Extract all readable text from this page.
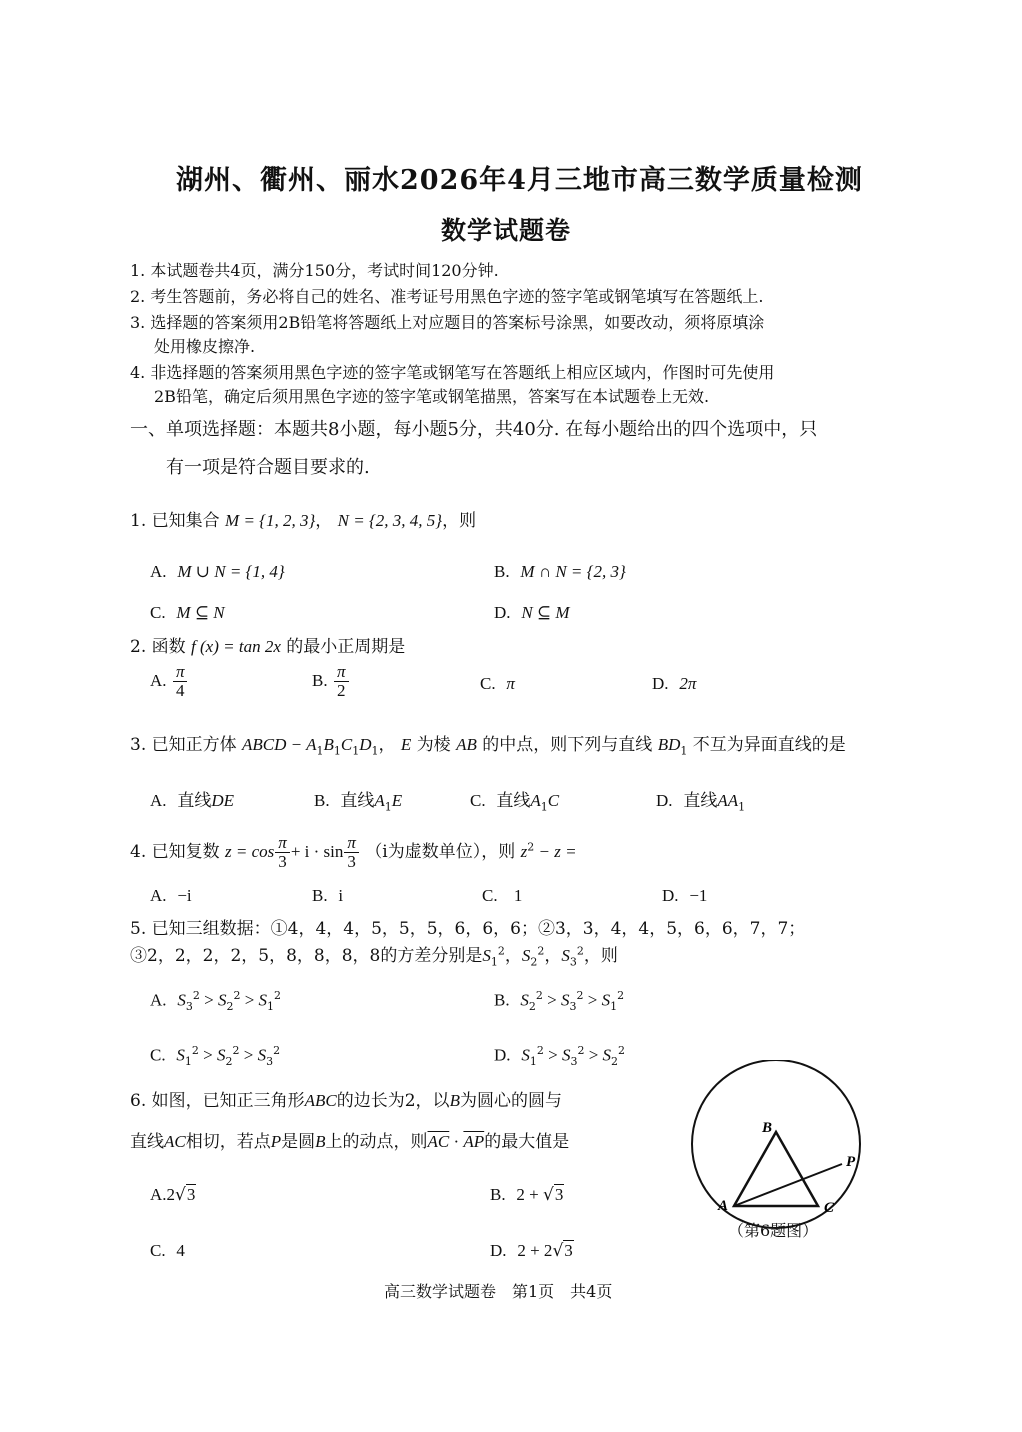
湖州、衢州、丽水2026年4月三地市高三数学质量检测
数学试题卷
1. 本试题卷共4页，满分150分，考试时间120分钟.
2. 考生答题前，务必将自己的姓名、准考证号用黑色字迹的签字笔或钢笔填写在答题纸上.
3. 选择题的答案须用2B铅笔将答题纸上对应题目的答案标号涂黑，如要改动，须将原填涂
处用橡皮擦净.
4. 非选择题的答案须用黑色字迹的签字笔或钢笔写在答题纸上相应区域内，作图时可先使用
2B铅笔，确定后须用黑色字迹的签字笔或钢笔描黑，答案写在本试题卷上无效.
一、单项选择题：本题共8小题，每小题5分，共40分. 在每小题给出的四个选项中，只
有一项是符合题目要求的.
1. 已知集合 M = {1, 2, 3}， N = {2, 3, 4, 5}，则
A. M ∪ N = {1, 4}	B. M ∩ N = {2, 3}
C. M ⊆ N	D. N ⊆ M
2. 函数 f (x) = tan 2x 的最小正周期是
A. $\frac{\pi}{4}$	B. $\frac{\pi}{2}$	C. π	D. 2π
3. 已知正方体 ABCD − $A_1B_1C_1D_1$， E 为棱 AB 的中点，则下列与直线 $BD_1$ 不互为异面直线的是
A. 直线DE	B. 直线$A_1E$	C. 直线$A_1C$	D. 直线$AA_1$
4. 已知复数 $z = \cos \frac{\pi}{3} + i \cdot \sin \frac{\pi}{3} (i$为虚数单位），则 $z^2 - z$ =
A. −i	B. i	C. 1	D. −1
5. 已知三组数据：①4，4，4，5，5，5，6，6，6；②3，3，4，4，5，6，6，7，7；
③2，2，2，2，5，8，8，8，8的方差分别是$S_1^2$，$S_2^2$，$S_3^2$，则
A. $S_3^2 > S_2^2 > S_1^2$	B. $S_2^2 > S_3^2 > S_1^2$
C. $S_1^2 > S_2^2 > S_3^2$	D. $S_1^2 > S_3^2 > S_2^2$
6. 如图，已知正三角形ABC的边长为2，以B为圆心的圆与
直线AC相切，若点P是圆B上的动点，则$\overline{AC} \cdot \overline{AP}$的最大值是
A.2√3	B. 2 + √3
C. 4	D. 2 + 2√3
B
P
A	C
（第6题图）
高三数学试题卷　第1页　共4页
